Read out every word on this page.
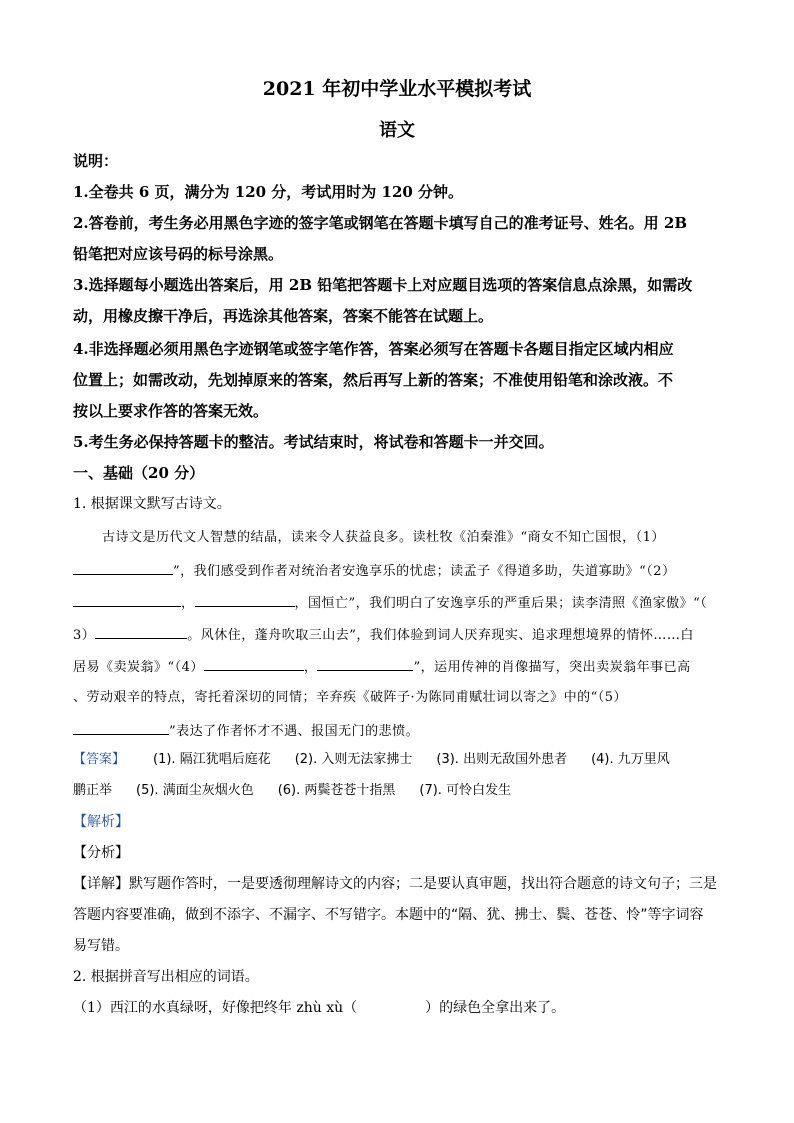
2021 年初中学业水平模拟考试
语文
说明：
1.全卷共 6 页，满分为 120 分，考试用时为 120 分钟。
2.答卷前，考生务必用黑色字迹的签字笔或钢笔在答题卡填写自己的准考证号、姓名。用 2B
铅笔把对应该号码的标号涂黑。
3.选择题每小题选出答案后，用 2B 铅笔把答题卡上对应题目选项的答案信息点涂黑，如需改
动，用橡皮擦干净后，再选涂其他答案，答案不能答在试题上。
4.非选择题必须用黑色字迹钢笔或签字笔作答，答案必须写在答题卡各题目指定区域内相应
位置上；如需改动，先划掉原来的答案，然后再写上新的答案；不准使用铅笔和涂改液。不
按以上要求作答的答案无效。
5.考生务必保持答题卡的整洁。考试结束时，将试卷和答题卡一并交回。
一、基础（20 分）
1. 根据课文默写古诗文。
古诗文是历代文人智慧的结晶，读来令人获益良多。读杜牧《泊秦淮》“商女不知亡国恨，（1）
”，我们感受到作者对统治者安逸享乐的忧虑；读孟子《得道多助，失道寡助》“（2）
，	，国恒亡”，我们明白了安逸享乐的严重后果；读李清照《渔家傲》“（
3）	。风休住，蓬舟吹取三山去”，我们体验到词人厌弃现实、追求理想境界的情怀……白
居易《卖炭翁》“（4）	，	”，运用传神的肖像描写，突出卖炭翁年事已高
、劳动艰辛的特点，寄托着深切的同情；辛弃疾《破阵子·为陈同甫赋壮词以寄之》中的“（5）
”表达了作者怀才不遇、报国无门的悲愤。
【答案】 (1). 隔江犹唱后庭花 (2). 入则无法家拂士 (3). 出则无敌国外患者 (4). 九万里风
鹏正举 (5). 满面尘灰烟火色 (6). 两鬓苍苍十指黑 (7). 可怜白发生
【解析】
【分析】
【详解】默写题作答时，一是要透彻理解诗文的内容；二是要认真审题，找出符合题意的诗文句子；三是
答题内容要准确，做到不添字、不漏字、不写错字。本题中的“隔、犹、拂士、鬓、苍苍、怜”等字词容
易写错。
2. 根据拼音写出相应的词语。
（1）西江的水真绿呀，好像把终年 zhù xù（	）的绿色全拿出来了。
